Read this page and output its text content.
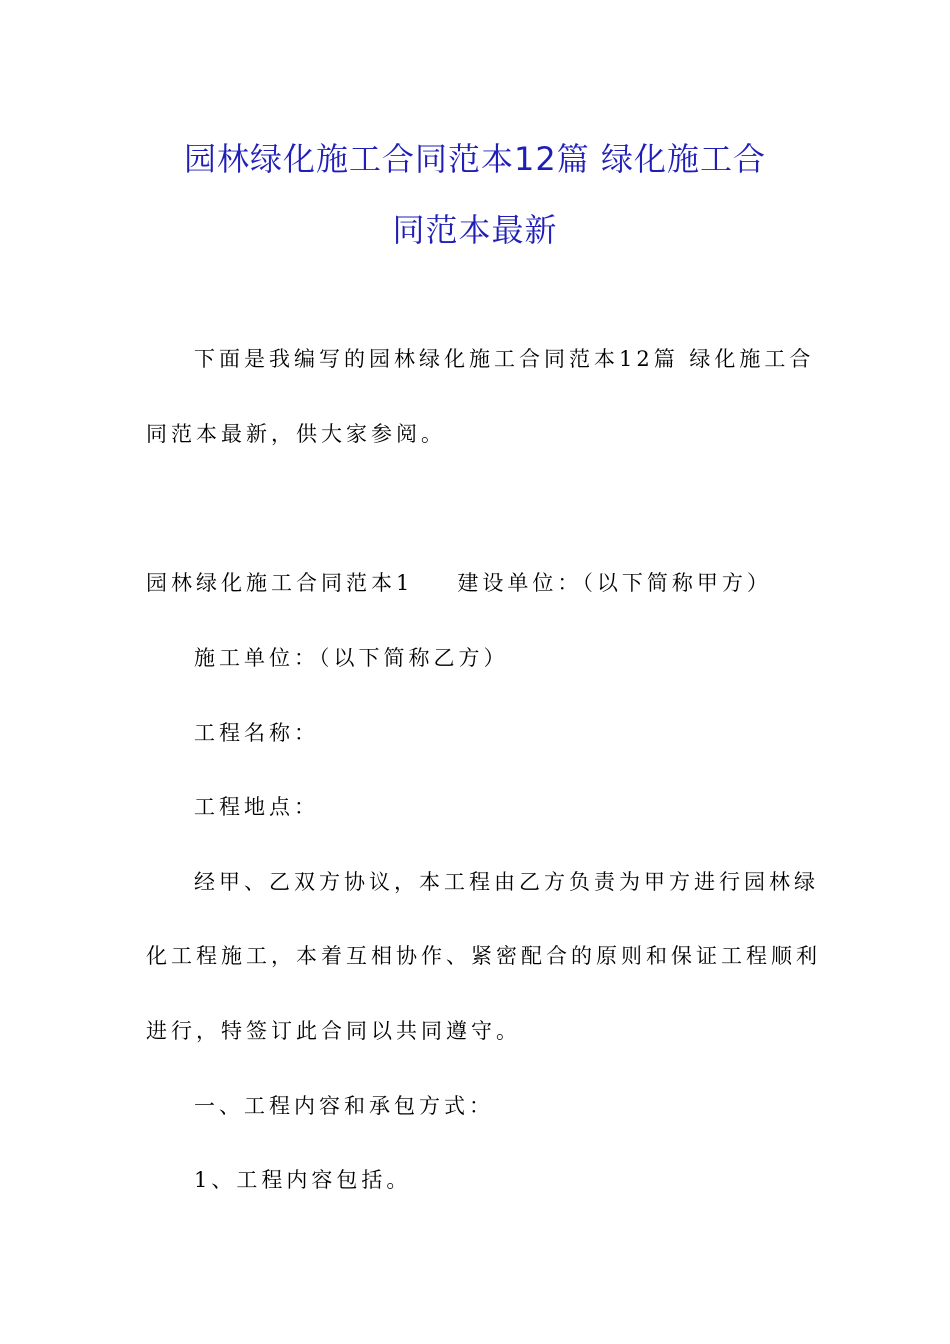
园林绿化施工合同范本12篇 绿化施工合
同范本最新
下面是我编写的园林绿化施工合同范本12篇 绿化施工合
同范本最新，供大家参阅。
园林绿化施工合同范本1 建设单位：（以下简称甲方）
施工单位：（以下简称乙方）
工程名称：
工程地点：
经甲、乙双方协议，本工程由乙方负责为甲方进行园林绿
化工程施工，本着互相协作、紧密配合的原则和保证工程顺利
进行，特签订此合同以共同遵守。
一、工程内容和承包方式：
1、工程内容包括。
